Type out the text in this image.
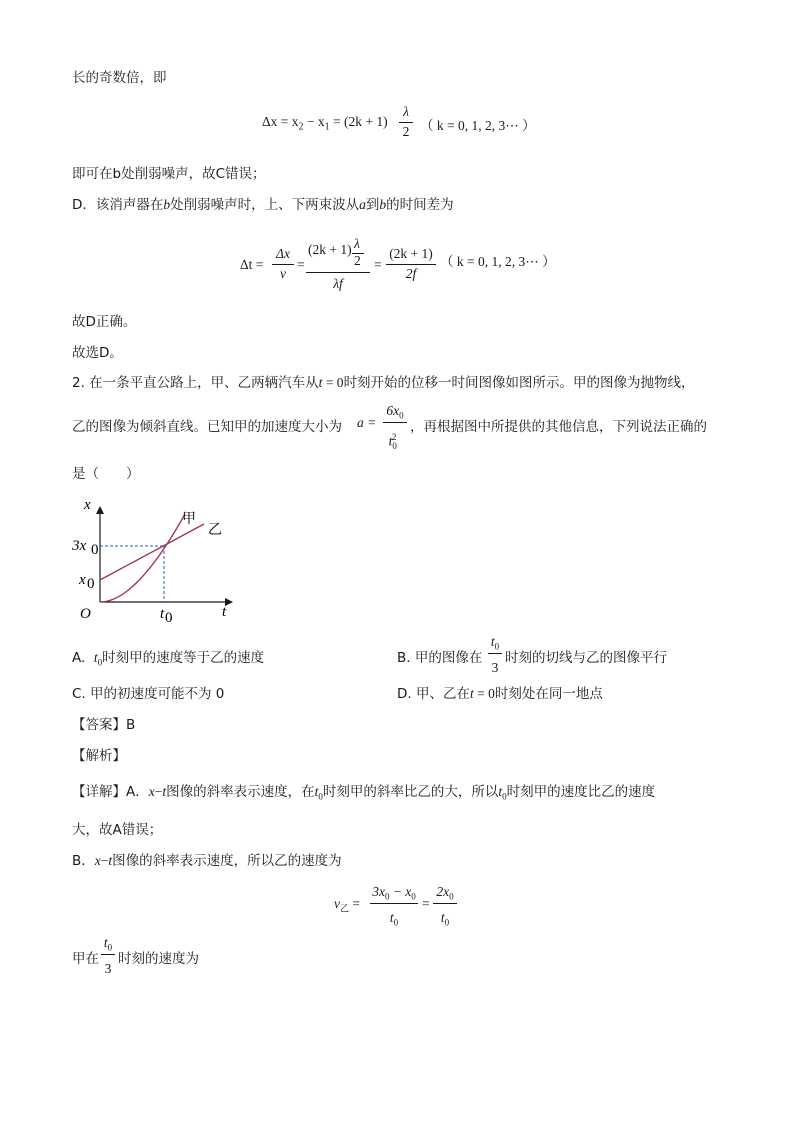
长的奇数倍，即
$\Delta x = x_2 - x_1 = (2k + 1)$
λ
2 （ k = 0, 1, 2, 3⋯ ）
即可在b处削弱噪声，故C错误；
D．该消声器在b处削弱噪声时，上、下两束波从a到b的时间差为
Δt =
Δx
v
=
(2k + 1) λ
2
λf
=
(2k + 1)
2f
（ k = 0, 1, 2, 3⋯ ）
故D正确。
故选D。
2. 在一条平直公路上，甲、乙两辆汽车从t = 0时刻开始的位移一时间图像如图所示。甲的图像为抛物线，
乙的图像为倾斜直线。已知甲的加速度大小为 a =
$6x_0$
$t_0^2$
，再根据图中所提供的其他信息，下列说法正确的
是（　　）
x
t
O
3x 0
x 0
t 0
甲
乙
A. $t_0$时刻甲的速度等于乙的速度	B. 甲的图像在
$t_0$
3
时刻的切线与乙的图像平行
C. 甲的初速度可能不为 0	D. 甲、乙在t = 0时刻处在同一地点
【答案】B
【解析】
【详解】A．x−t图像的斜率表示速度，在$t_0$时刻甲的斜率比乙的大，所以$t_0$时刻甲的速度比乙的速度
大，故A错误；
B．x−t图像的斜率表示速度，所以乙的速度为
$v_乙$ =
$3x_0 - x_0$
$t_0$
=
$2x_0$
$t_0$
甲在
$t_0$
3
时刻的速度为
